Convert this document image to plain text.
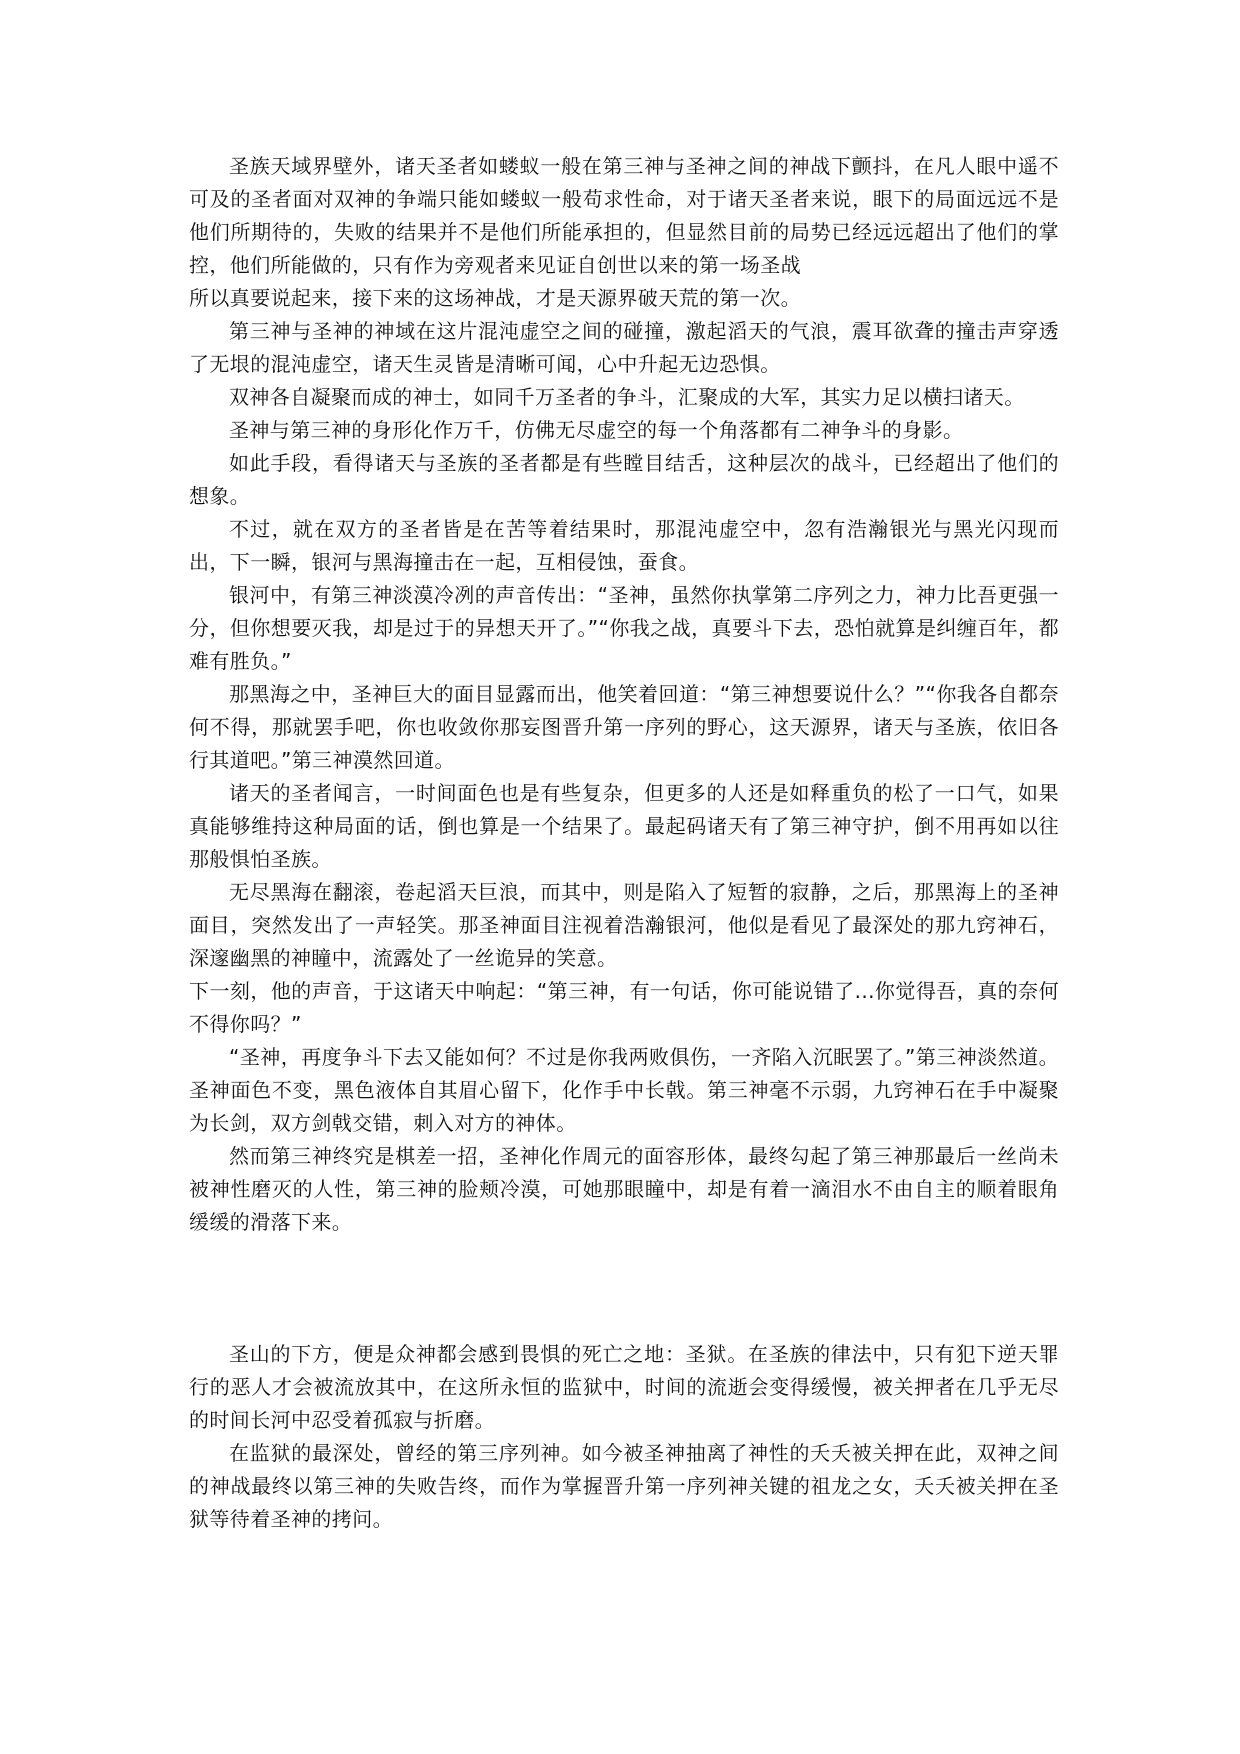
圣族天域界壁外，诸天圣者如蝼蚁一般在第三神与圣神之间的神战下颤抖，在凡人眼中遥不可及的圣者面对双神的争端只能如蝼蚁一般苟求性命，对于诸天圣者来说，眼下的局面远远不是他们所期待的，失败的结果并不是他们所能承担的，但显然目前的局势已经远远超出了他们的掌控，他们所能做的，只有作为旁观者来见证自创世以来的第一场圣战

所以真要说起来，接下来的这场神战，才是天源界破天荒的第一次。

第三神与圣神的神域在这片混沌虚空之间的碰撞，激起滔天的气浪，震耳欲聋的撞击声穿透了无垠的混沌虚空，诸天生灵皆是清晰可闻，心中升起无边恐惧。

双神各自凝聚而成的神士，如同千万圣者的争斗，汇聚成的大军，其实力足以横扫诸天。

圣神与第三神的身形化作万千，仿佛无尽虚空的每一个角落都有二神争斗的身影。

如此手段，看得诸天与圣族的圣者都是有些瞠目结舌，这种层次的战斗，已经超出了他们的想象。

不过，就在双方的圣者皆是在苦等着结果时，那混沌虚空中，忽有浩瀚银光与黑光闪现而出，下一瞬，银河与黑海撞击在一起，互相侵蚀，蚕食。

银河中，有第三神淡漠冷冽的声音传出：“圣神，虽然你执掌第二序列之力，神力比吾更强一分，但你想要灭我，却是过于的异想天开了。”“你我之战，真要斗下去，恐怕就算是纠缠百年，都难有胜负。”

那黑海之中，圣神巨大的面目显露而出，他笑着回道：“第三神想要说什么？”“你我各自都奈何不得，那就罢手吧，你也收敛你那妄图晋升第一序列的野心，这天源界，诸天与圣族，依旧各行其道吧。”第三神漠然回道。

诸天的圣者闻言，一时间面色也是有些复杂，但更多的人还是如释重负的松了一口气，如果真能够维持这种局面的话，倒也算是一个结果了。最起码诸天有了第三神守护，倒不用再如以往那般惧怕圣族。

无尽黑海在翻滚，卷起滔天巨浪，而其中，则是陷入了短暂的寂静，之后，那黑海上的圣神面目，突然发出了一声轻笑。那圣神面目注视着浩瀚银河，他似是看见了最深处的那九窍神石，深邃幽黑的神瞳中，流露处了一丝诡异的笑意。

下一刻，他的声音，于这诸天中响起：“第三神，有一句话，你可能说错了...你觉得吾，真的奈何不得你吗？”

“圣神，再度争斗下去又能如何？不过是你我两败俱伤，一齐陷入沉眠罢了。”第三神淡然道。圣神面色不变，黑色液体自其眉心留下，化作手中长戟。第三神毫不示弱，九窍神石在手中凝聚为长剑，双方剑戟交错，刺入对方的神体。

然而第三神终究是棋差一招，圣神化作周元的面容形体，最终勾起了第三神那最后一丝尚未被神性磨灭的人性，第三神的脸颊冷漠，可她那眼瞳中，却是有着一滴泪水不由自主的顺着眼角缓缓的滑落下来。

圣山的下方，便是众神都会感到畏惧的死亡之地：圣狱。在圣族的律法中，只有犯下逆天罪行的恶人才会被流放其中，在这所永恒的监狱中，时间的流逝会变得缓慢，被关押者在几乎无尽的时间长河中忍受着孤寂与折磨。

在监狱的最深处，曾经的第三序列神。如今被圣神抽离了神性的夭夭被关押在此，双神之间的神战最终以第三神的失败告终，而作为掌握晋升第一序列神关键的祖龙之女，夭夭被关押在圣狱等待着圣神的拷问。
